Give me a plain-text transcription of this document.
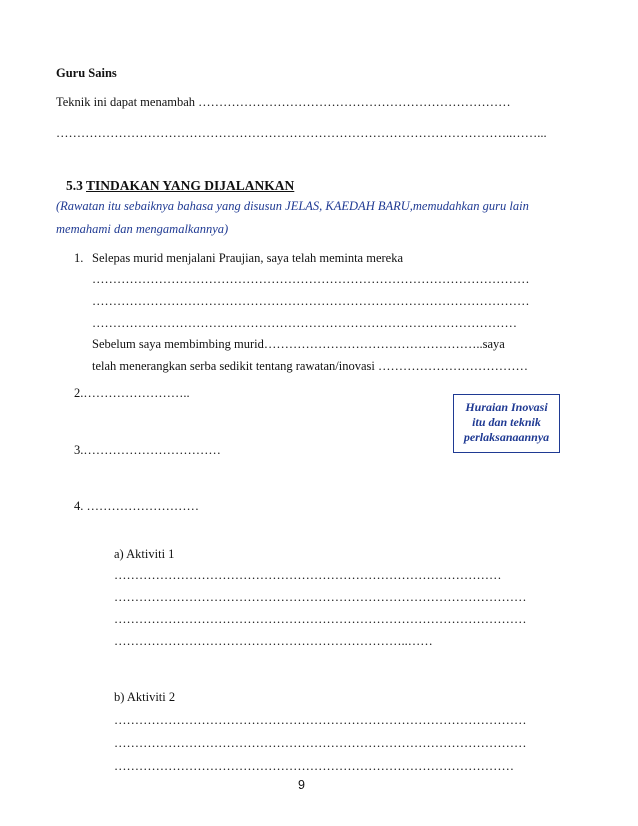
Guru Sains
Teknik ini dapat menambah …………………………………………………………………
………………………………………………………………………………………………..……...
5.3 TINDAKAN YANG DIJALANKAN
(Rawatan itu sebaiknya bahasa yang disusun JELAS, KAEDAH BARU,memudahkan guru lain
memahami dan mengamalkannya)
1. Selepas murid menjalani Praujian, saya telah meminta mereka
……………………………………………………………………………………………
……………………………………………………………………………………………
…………………………………………………………………………………………
Sebelum saya membimbing murid……………………………………………..saya
telah menerangkan serba sedikit tentang rawatan/inovasi ………………………………
2.……………………..
3.……………………………
4. ………………………
Huraian Inovasi
itu dan teknik
perlaksanaannya
a) Aktiviti 1
…………………………………………………………………………………
………………………………………………………………………………………
………………………………………………………………………………………
……………………………………………………………..……
b) Aktiviti 2
………………………………………………………………………………………
………………………………………………………………………………………
……………………………………………………………………………………
9
